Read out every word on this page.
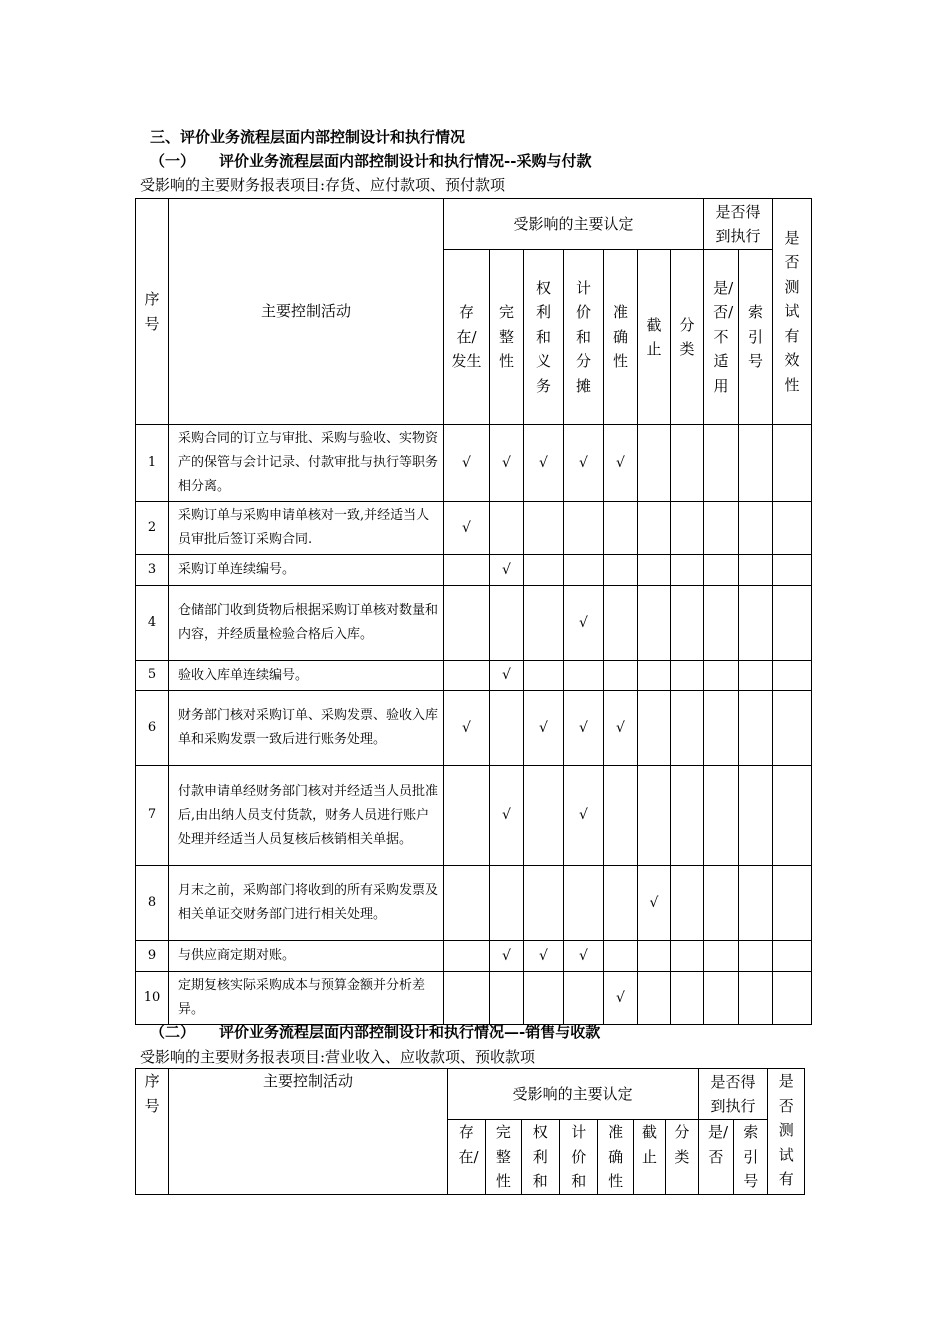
三、评价业务流程层面内部控制设计和执行情况
（一） 评价业务流程层面内部控制设计和执行情况--采购与付款
受影响的主要财务报表项目:存货、应付款项、预付款项
序号	主要控制活动	受影响的主要认定							是否得到执行		是否测试有效性
		存在/发生	完整性	权利和义务	计价和分摊	准确性	截止	分类	是/否/不适用	索引号	
1	采购合同的订立与审批、采购与验收、实物资产的保管与会计记录、付款审批与执行等职务相分离。	√	√	√	√	√					
2	采购订单与采购申请单核对一致,并经适当人员审批后签订采购合同.	√									
3	采购订单连续编号。		√								
4	仓储部门收到货物后根据采购订单核对数量和内容，并经质量检验合格后入库。				√						
5	验收入库单连续编号。		√								
6	财务部门核对采购订单、采购发票、验收入库单和采购发票一致后进行账务处理。	√		√	√	√					
7	付款申请单经财务部门核对并经适当人员批准后,由出纳人员支付货款，财务人员进行账户处理并经适当人员复核后核销相关单据。		√		√						
8	月末之前，采购部门将收到的所有采购发票及相关单证交财务部门进行相关处理。						√				
9	与供应商定期对账。		√	√	√						
10	定期复核实际采购成本与预算金额并分析差异。					√					
（二） 评价业务流程层面内部控制设计和执行情况—-销售与收款
受影响的主要财务报表项目:营业收入、应收款项、预收款项
序号	主要控制活动	受影响的主要认定							是否得到执行		是否测试有
		存在/	完整性	权利和	计价和	准确性	截止	分类	是/否	索引号	
